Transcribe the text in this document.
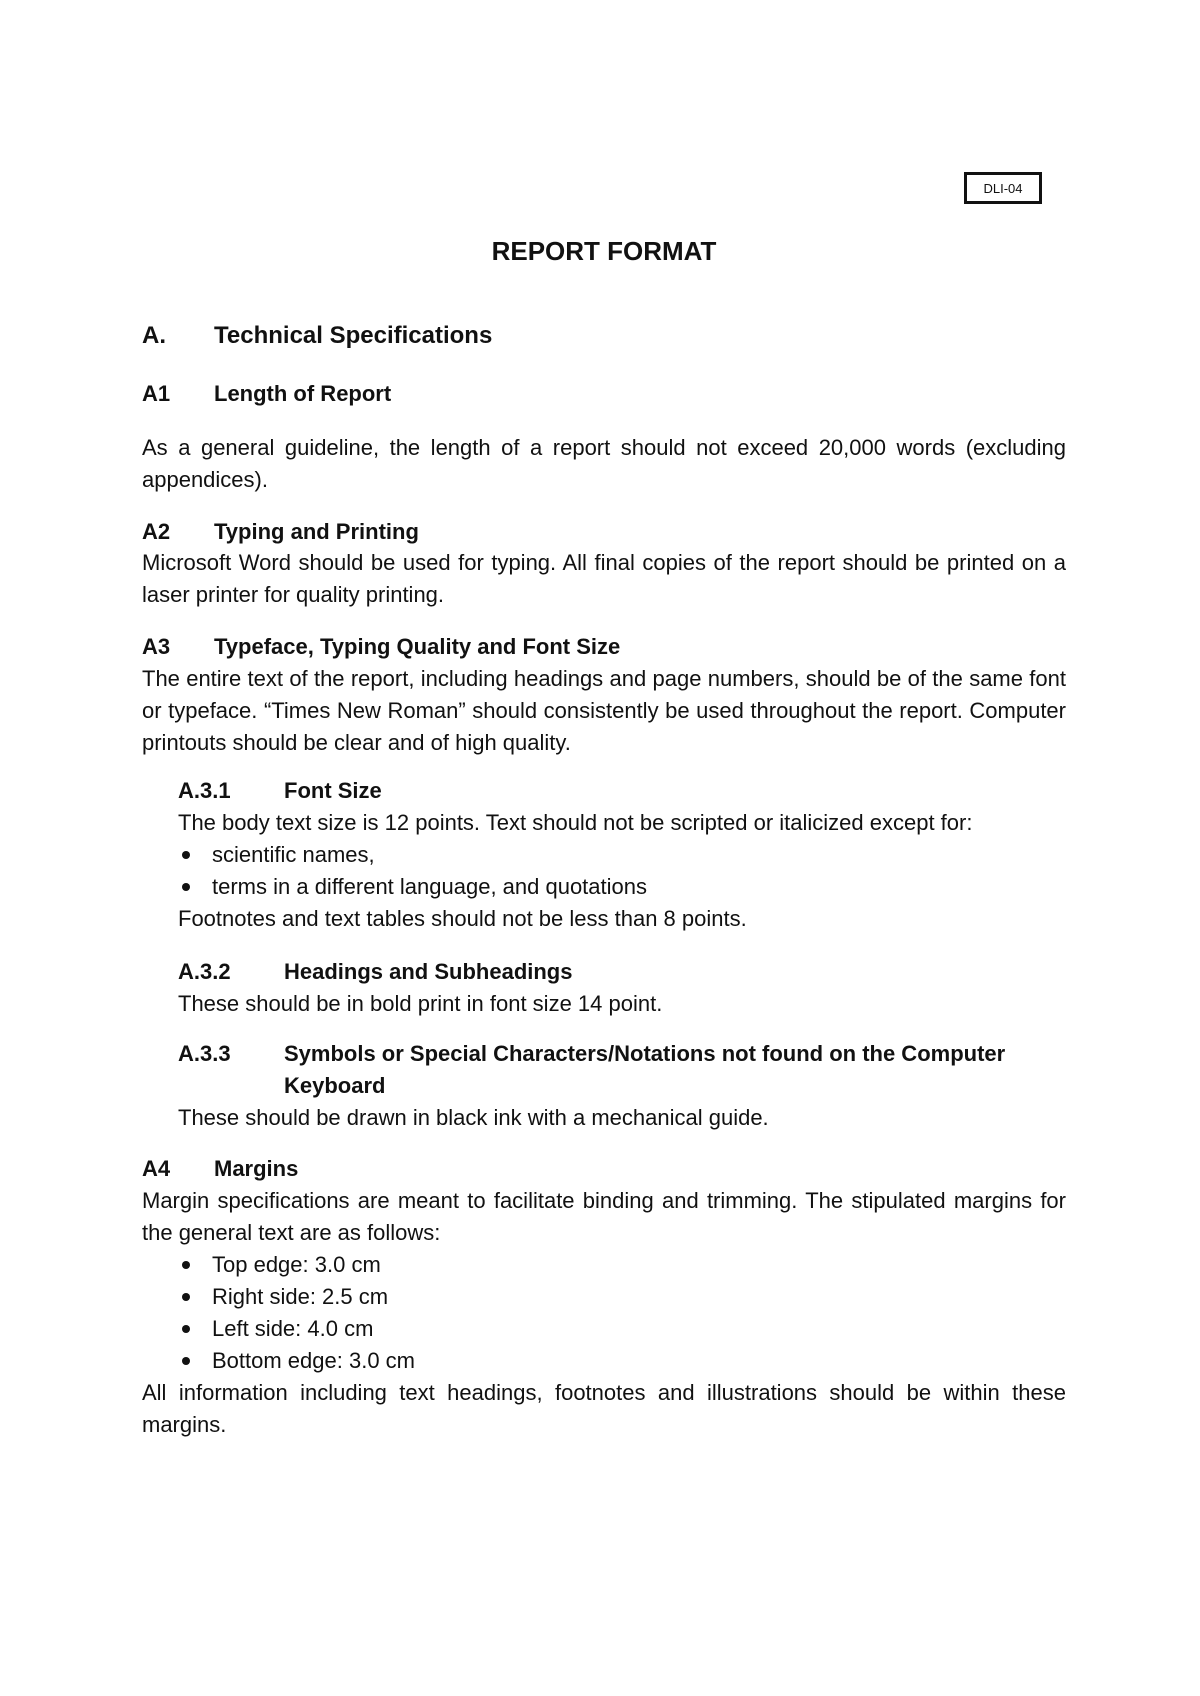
DLI-04
REPORT FORMAT
A.	Technical Specifications
A1	Length of Report
As a general guideline, the length of a report should not exceed 20,000 words (excluding appendices).
A2	Typing and Printing
Microsoft Word should be used for typing. All final copies of the report should be printed on a laser printer for quality printing.
A3	Typeface, Typing Quality and Font Size
The entire text of the report, including headings and page numbers, should be of the same font or typeface. “Times New Roman” should consistently be used throughout the report. Computer printouts should be clear and of high quality.
A.3.1	Font Size
The body text size is 12 points. Text should not be scripted or italicized except for:
scientific names,
terms in a different language, and quotations
Footnotes and text tables should not be less than 8 points.
A.3.2	Headings and Subheadings
These should be in bold print in font size 14 point.
A.3.3	Symbols or Special Characters/Notations not found on the Computer Keyboard
These should be drawn in black ink with a mechanical guide.
A4	Margins
Margin specifications are meant to facilitate binding and trimming. The stipulated margins for the general text are as follows:
Top edge: 3.0 cm
Right side: 2.5 cm
Left side: 4.0 cm
Bottom edge: 3.0 cm
All information including text headings, footnotes and illustrations should be within these margins.
